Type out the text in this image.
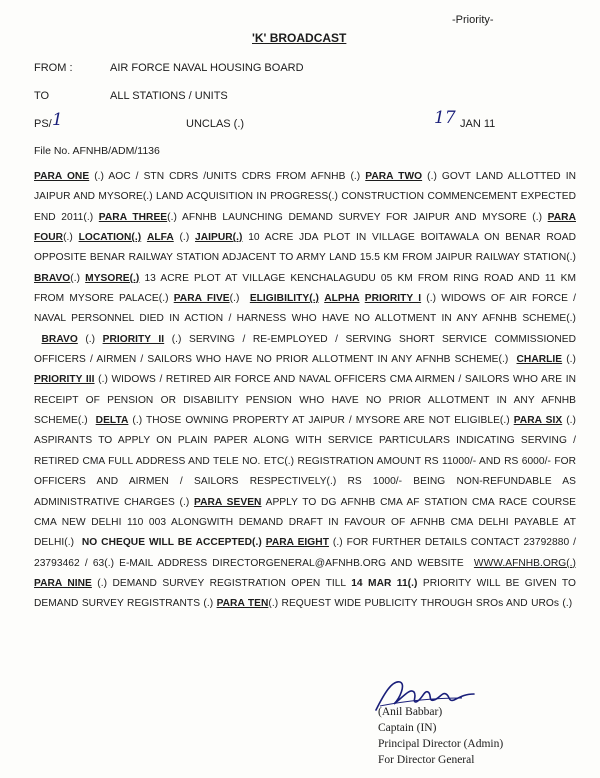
-Priority-
'K' BROADCAST
FROM :	AIR FORCE NAVAL HOUSING BOARD
TO	ALL STATIONS / UNITS
PS/ 1	UNCLAS (.)	17 JAN 11
File No. AFNHB/ADM/1136
PARA ONE (.) AOC / STN CDRS /UNITS CDRS FROM AFNHB (.) PARA TWO (.) GOVT LAND ALLOTTED IN JAIPUR AND MYSORE(.) LAND ACQUISITION IN PROGRESS(.) CONSTRUCTION COMMENCEMENT EXPECTED END 2011(.) PARA THREE(.) AFNHB LAUNCHING DEMAND SURVEY FOR JAIPUR AND MYSORE (.) PARA FOUR(.) LOCATION(.) ALFA (.) JAIPUR(.) 10 ACRE JDA PLOT IN VILLAGE BOITAWALA ON BENAR ROAD OPPOSITE BENAR RAILWAY STATION ADJACENT TO ARMY LAND 15.5 KM FROM JAIPUR RAILWAY STATION(.) BRAVO(.) MYSORE(.) 13 ACRE PLOT AT VILLAGE KENCHALAGUDU 05 KM FROM RING ROAD AND 11 KM FROM MYSORE PALACE(.) PARA FIVE(.)  ELIGIBILITY(.) ALPHA PRIORITY I (.) WIDOWS OF AIR FORCE / NAVAL PERSONNEL DIED IN ACTION / HARNESS WHO HAVE NO ALLOTMENT IN ANY AFNHB SCHEME(.)  BRAVO (.) PRIORITY II (.) SERVING / RE-EMPLOYED / SERVING SHORT SERVICE COMMISSIONED OFFICERS / AIRMEN / SAILORS WHO HAVE NO PRIOR ALLOTMENT IN ANY AFNHB SCHEME(.)  CHARLIE (.) PRIORITY III (.) WIDOWS / RETIRED AIR FORCE AND NAVAL OFFICERS CMA AIRMEN / SAILORS WHO ARE IN RECEIPT OF PENSION OR DISABILITY PENSION WHO HAVE NO PRIOR ALLOTMENT IN ANY AFNHB SCHEME(.)  DELTA (.) THOSE OWNING PROPERTY AT JAIPUR / MYSORE ARE NOT ELIGIBLE(.) PARA SIX (.) ASPIRANTS TO APPLY ON PLAIN PAPER ALONG WITH SERVICE PARTICULARS INDICATING SERVING / RETIRED CMA FULL ADDRESS AND TELE NO. ETC(.) REGISTRATION AMOUNT RS 11000/- AND RS 6000/- FOR OFFICERS AND AIRMEN / SAILORS RESPECTIVELY(.) RS 1000/- BEING NON-REFUNDABLE AS ADMINISTRATIVE CHARGES (.) PARA SEVEN APPLY TO DG AFNHB CMA AF STATION CMA RACE COURSE CMA NEW DELHI 110 003 ALONGWITH DEMAND DRAFT IN FAVOUR OF AFNHB CMA DELHI PAYABLE AT DELHI(.)  NO CHEQUE WILL BE ACCEPTED(.) PARA EIGHT (.) FOR FURTHER DETAILS CONTACT 23792880 / 23793462 / 63(.) E-MAIL ADDRESS DIRECTORGENERAL@AFNHB.ORG AND WEBSITE  WWW.AFNHB.ORG(.) PARA NINE (.) DEMAND SURVEY REGISTRATION OPEN TILL 14 MAR 11(.) PRIORITY WILL BE GIVEN TO DEMAND SURVEY REGISTRANTS (.) PARA TEN(.) REQUEST WIDE PUBLICITY THROUGH SROs AND UROs (.)
(Anil Babbar)
Captain (IN)
Principal Director (Admin)
For Director General
